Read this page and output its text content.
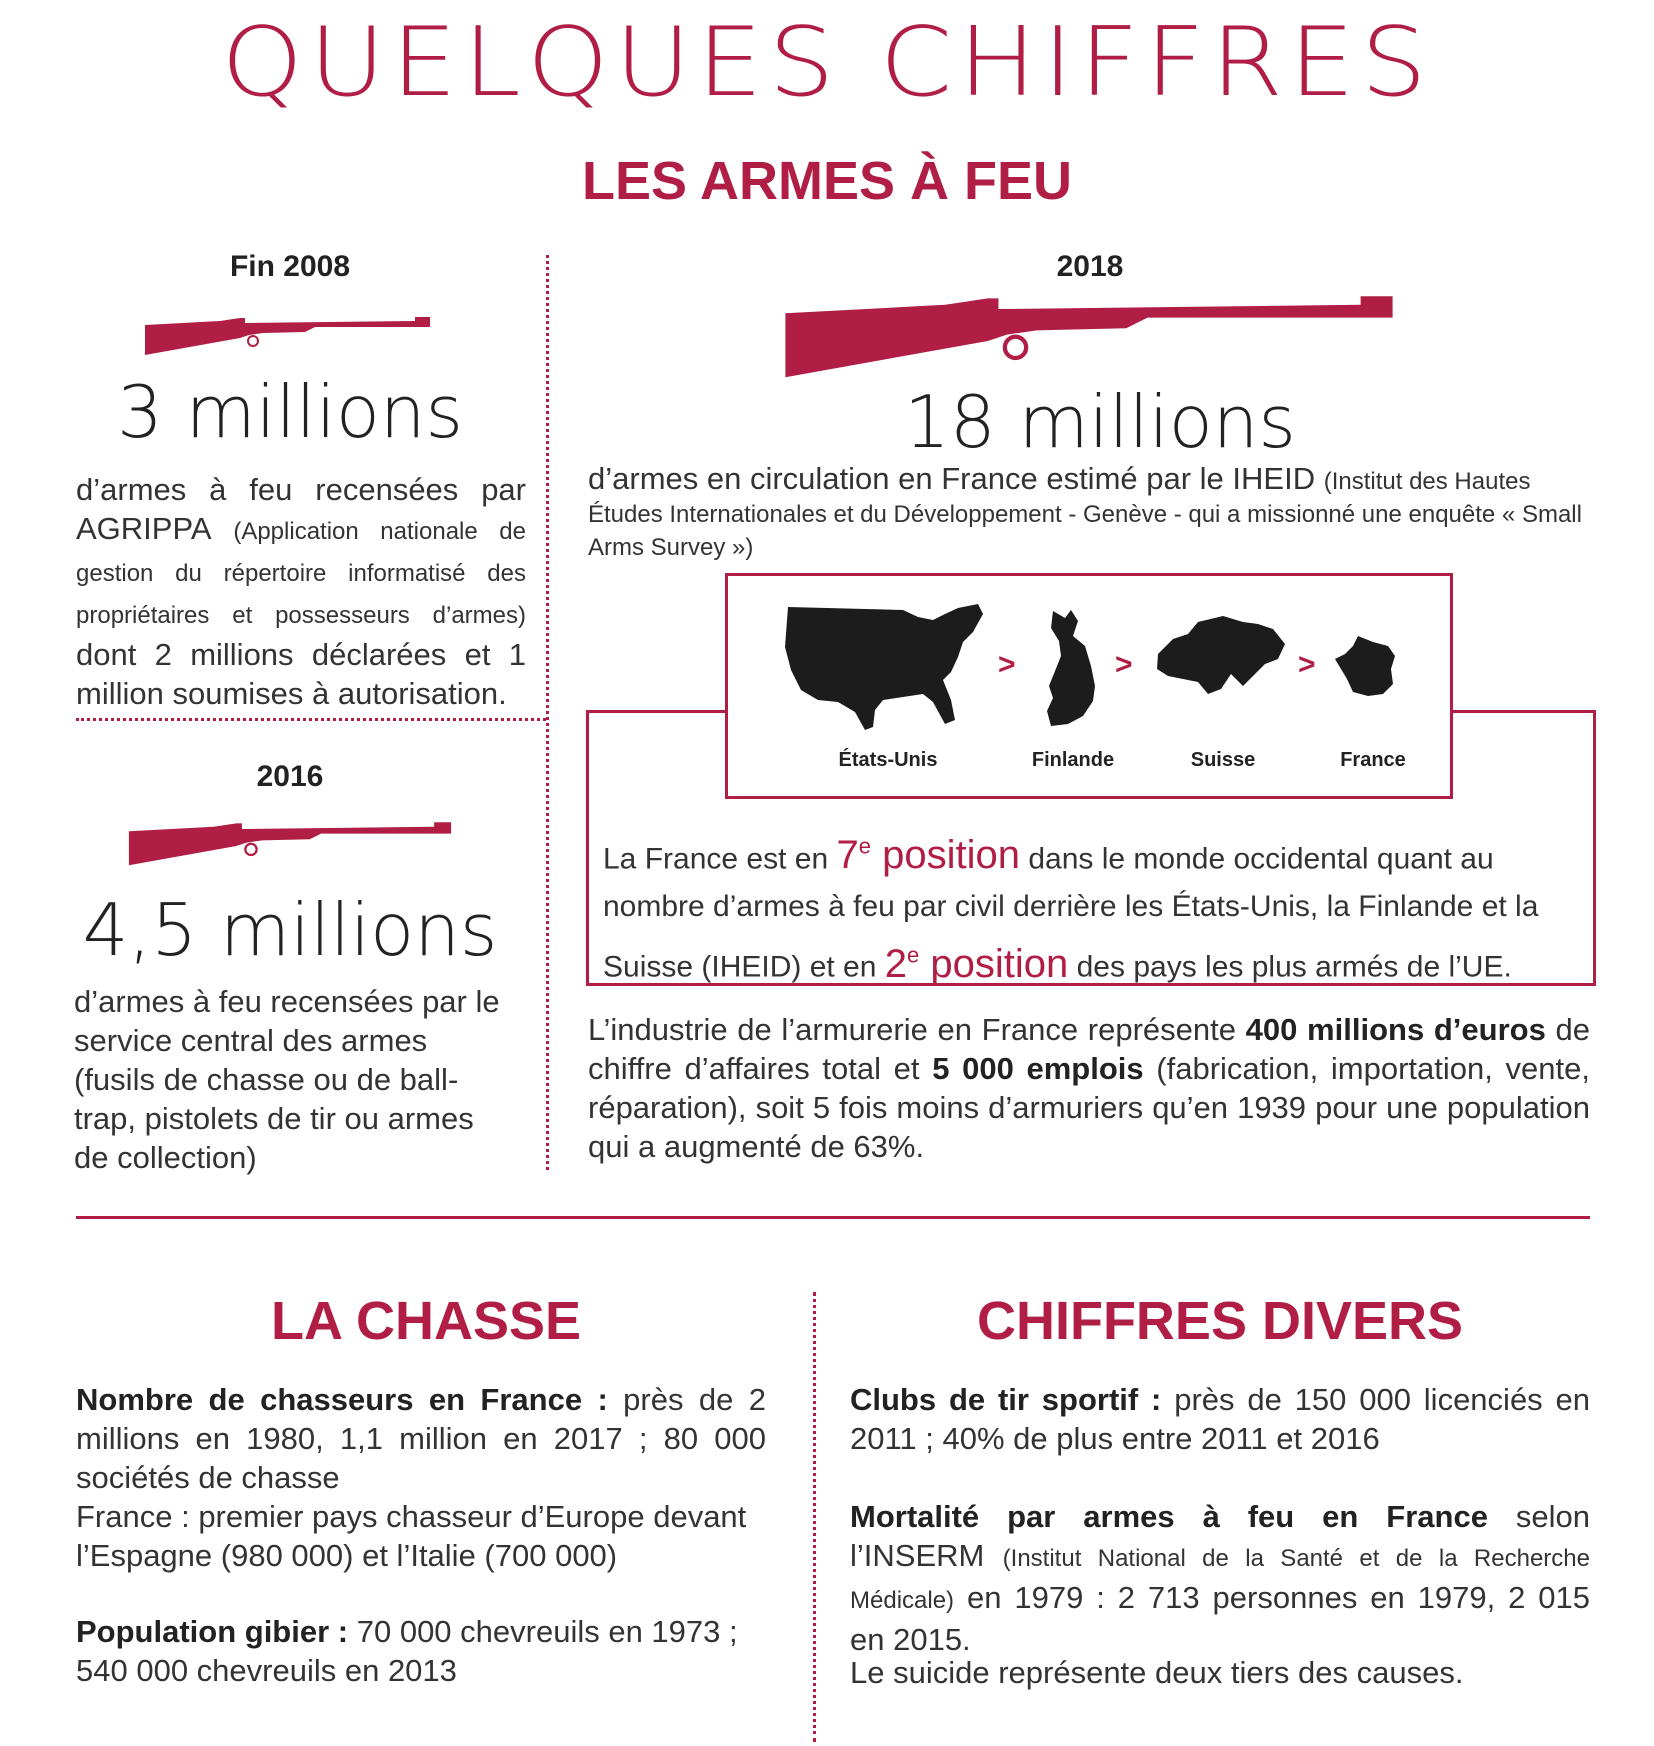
QUELQUES CHIFFRES
LES ARMES À FEU
Fin 2008
3 millions
d’armes à feu recensées par AGRIPPA (Application nationale de gestion du répertoire informatisé des propriétaires et possesseurs d’armes) dont 2 millions déclarées et 1 million soumises à autorisation.
2016
4,5 millions
d’armes à feu recensées par le service central des armes (fusils de chasse ou de ball-trap, pistolets de tir ou armes de collection)
2018
18 millions
d’armes en circulation en France estimé par le IHEID (Institut des Hautes Études Internationales et du Développement - Genève - qui a missionné une enquête « Small Arms Survey »)
La France est en 7e position dans le monde occidental quant au nombre d’armes à feu par civil derrière les États-Unis, la Finlande et la Suisse (IHEID) et en 2e position des pays les plus armés de l’UE.
>	>	>
États-Unis	Finlande	Suisse	France
L’industrie de l’armurerie en France représente 400 millions d’euros de chiffre d’affaires total et 5 000 emplois (fabrication, importation, vente, réparation), soit 5 fois moins d’armuriers qu’en 1939 pour une population qui a augmenté de 63%.
LA CHASSE
Nombre de chasseurs en France : près de 2 millions en 1980, 1,1 million en 2017 ; 80 000 sociétés de chasse
France : premier pays chasseur d’Europe devant l’Espagne (980 000) et l’Italie (700 000)
Population gibier : 70 000 chevreuils en 1973 ; 540 000 chevreuils en 2013
CHIFFRES DIVERS
Clubs de tir sportif : près de 150 000 licenciés en 2011 ; 40% de plus entre 2011 et 2016
Mortalité par armes à feu en France selon l’INSERM (Institut National de la Santé et de la Recherche Médicale) en 1979 : 2 713 personnes en 1979, 2 015 en 2015.
Le suicide représente deux tiers des causes.
